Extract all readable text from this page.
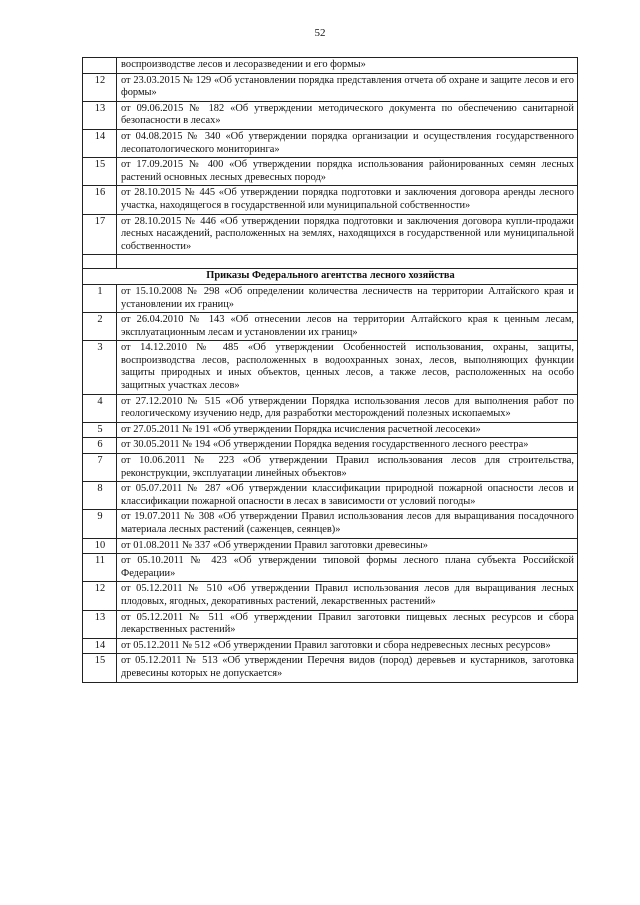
52
	воспроизводстве лесов и лесоразведении и его формы»
12	от 23.03.2015 № 129 «Об установлении порядка представления отчета об охране и защите лесов и его формы»
13	от 09.06.2015 № 182 «Об утверждении методического документа по обеспечению санитарной безопасности в лесах»
14	от 04.08.2015 № 340 «Об утверждении порядка организации и осуществления государственного лесопатологического мониторинга»
15	от 17.09.2015 № 400 «Об утверждении порядка использования районированных семян лесных растений основных лесных древесных пород»
16	от 28.10.2015 № 445 «Об утверждении порядка подготовки и заключения договора аренды лесного участка, находящегося в государственной или муниципальной собственности»
17	от 28.10.2015 № 446 «Об утверждении порядка подготовки и заключения договора купли-продажи лесных насаждений, расположенных на землях, находящихся в государственной или муниципальной собственности»

Приказы Федерального агентства лесного хозяйства	
1	от 15.10.2008 № 298 «Об определении количества лесничеств на территории Алтайского края и установлении их границ»
2	от 26.04.2010 № 143 «Об отнесении лесов на территории Алтайского края к ценным лесам, эксплуатационным лесам и установлении их границ»
3	от 14.12.2010 № 485 «Об утверждении Особенностей использования, охраны, защиты, воспроизводства лесов, расположенных в водоохранных зонах, лесов, выполняющих функции защиты природных и иных объектов, ценных лесов, а также лесов, расположенных на особо защитных участках лесов»
4	от 27.12.2010 № 515 «Об утверждении Порядка использования лесов для выполнения работ по геологическому изучению недр, для разработки месторождений полезных ископаемых»
5	от 27.05.2011 № 191 «Об утверждении Порядка исчисления расчетной лесосеки»
6	от 30.05.2011 № 194 «Об утверждении Порядка ведения государственного лесного реестра»
7	от 10.06.2011 № 223 «Об утверждении Правил использования лесов для строительства, реконструкции, эксплуатации линейных объектов»
8	от 05.07.2011 № 287 «Об утверждении классификации природной пожарной опасности лесов и классификации пожарной опасности в лесах в зависимости от условий погоды»
9	от 19.07.2011 № 308 «Об утверждении Правил использования лесов для выращивания посадочного материала лесных растений (саженцев, сеянцев)»
10	от 01.08.2011 № 337 «Об утверждении Правил заготовки древесины»
11	от 05.10.2011 № 423 «Об утверждении типовой формы лесного плана субъекта Российской Федерации»
12	от 05.12.2011 № 510 «Об утверждении Правил использования лесов для выращивания лесных плодовых, ягодных, декоративных растений, лекарственных растений»
13	от 05.12.2011 № 511 «Об утверждении Правил заготовки пищевых лесных ресурсов и сбора лекарственных растений»
14	от 05.12.2011 № 512 «Об утверждении Правил заготовки и сбора недревесных лесных ресурсов»
15	от 05.12.2011 № 513 «Об утверждении Перечня видов (пород) деревьев и кустарников, заготовка древесины которых не допускается»
